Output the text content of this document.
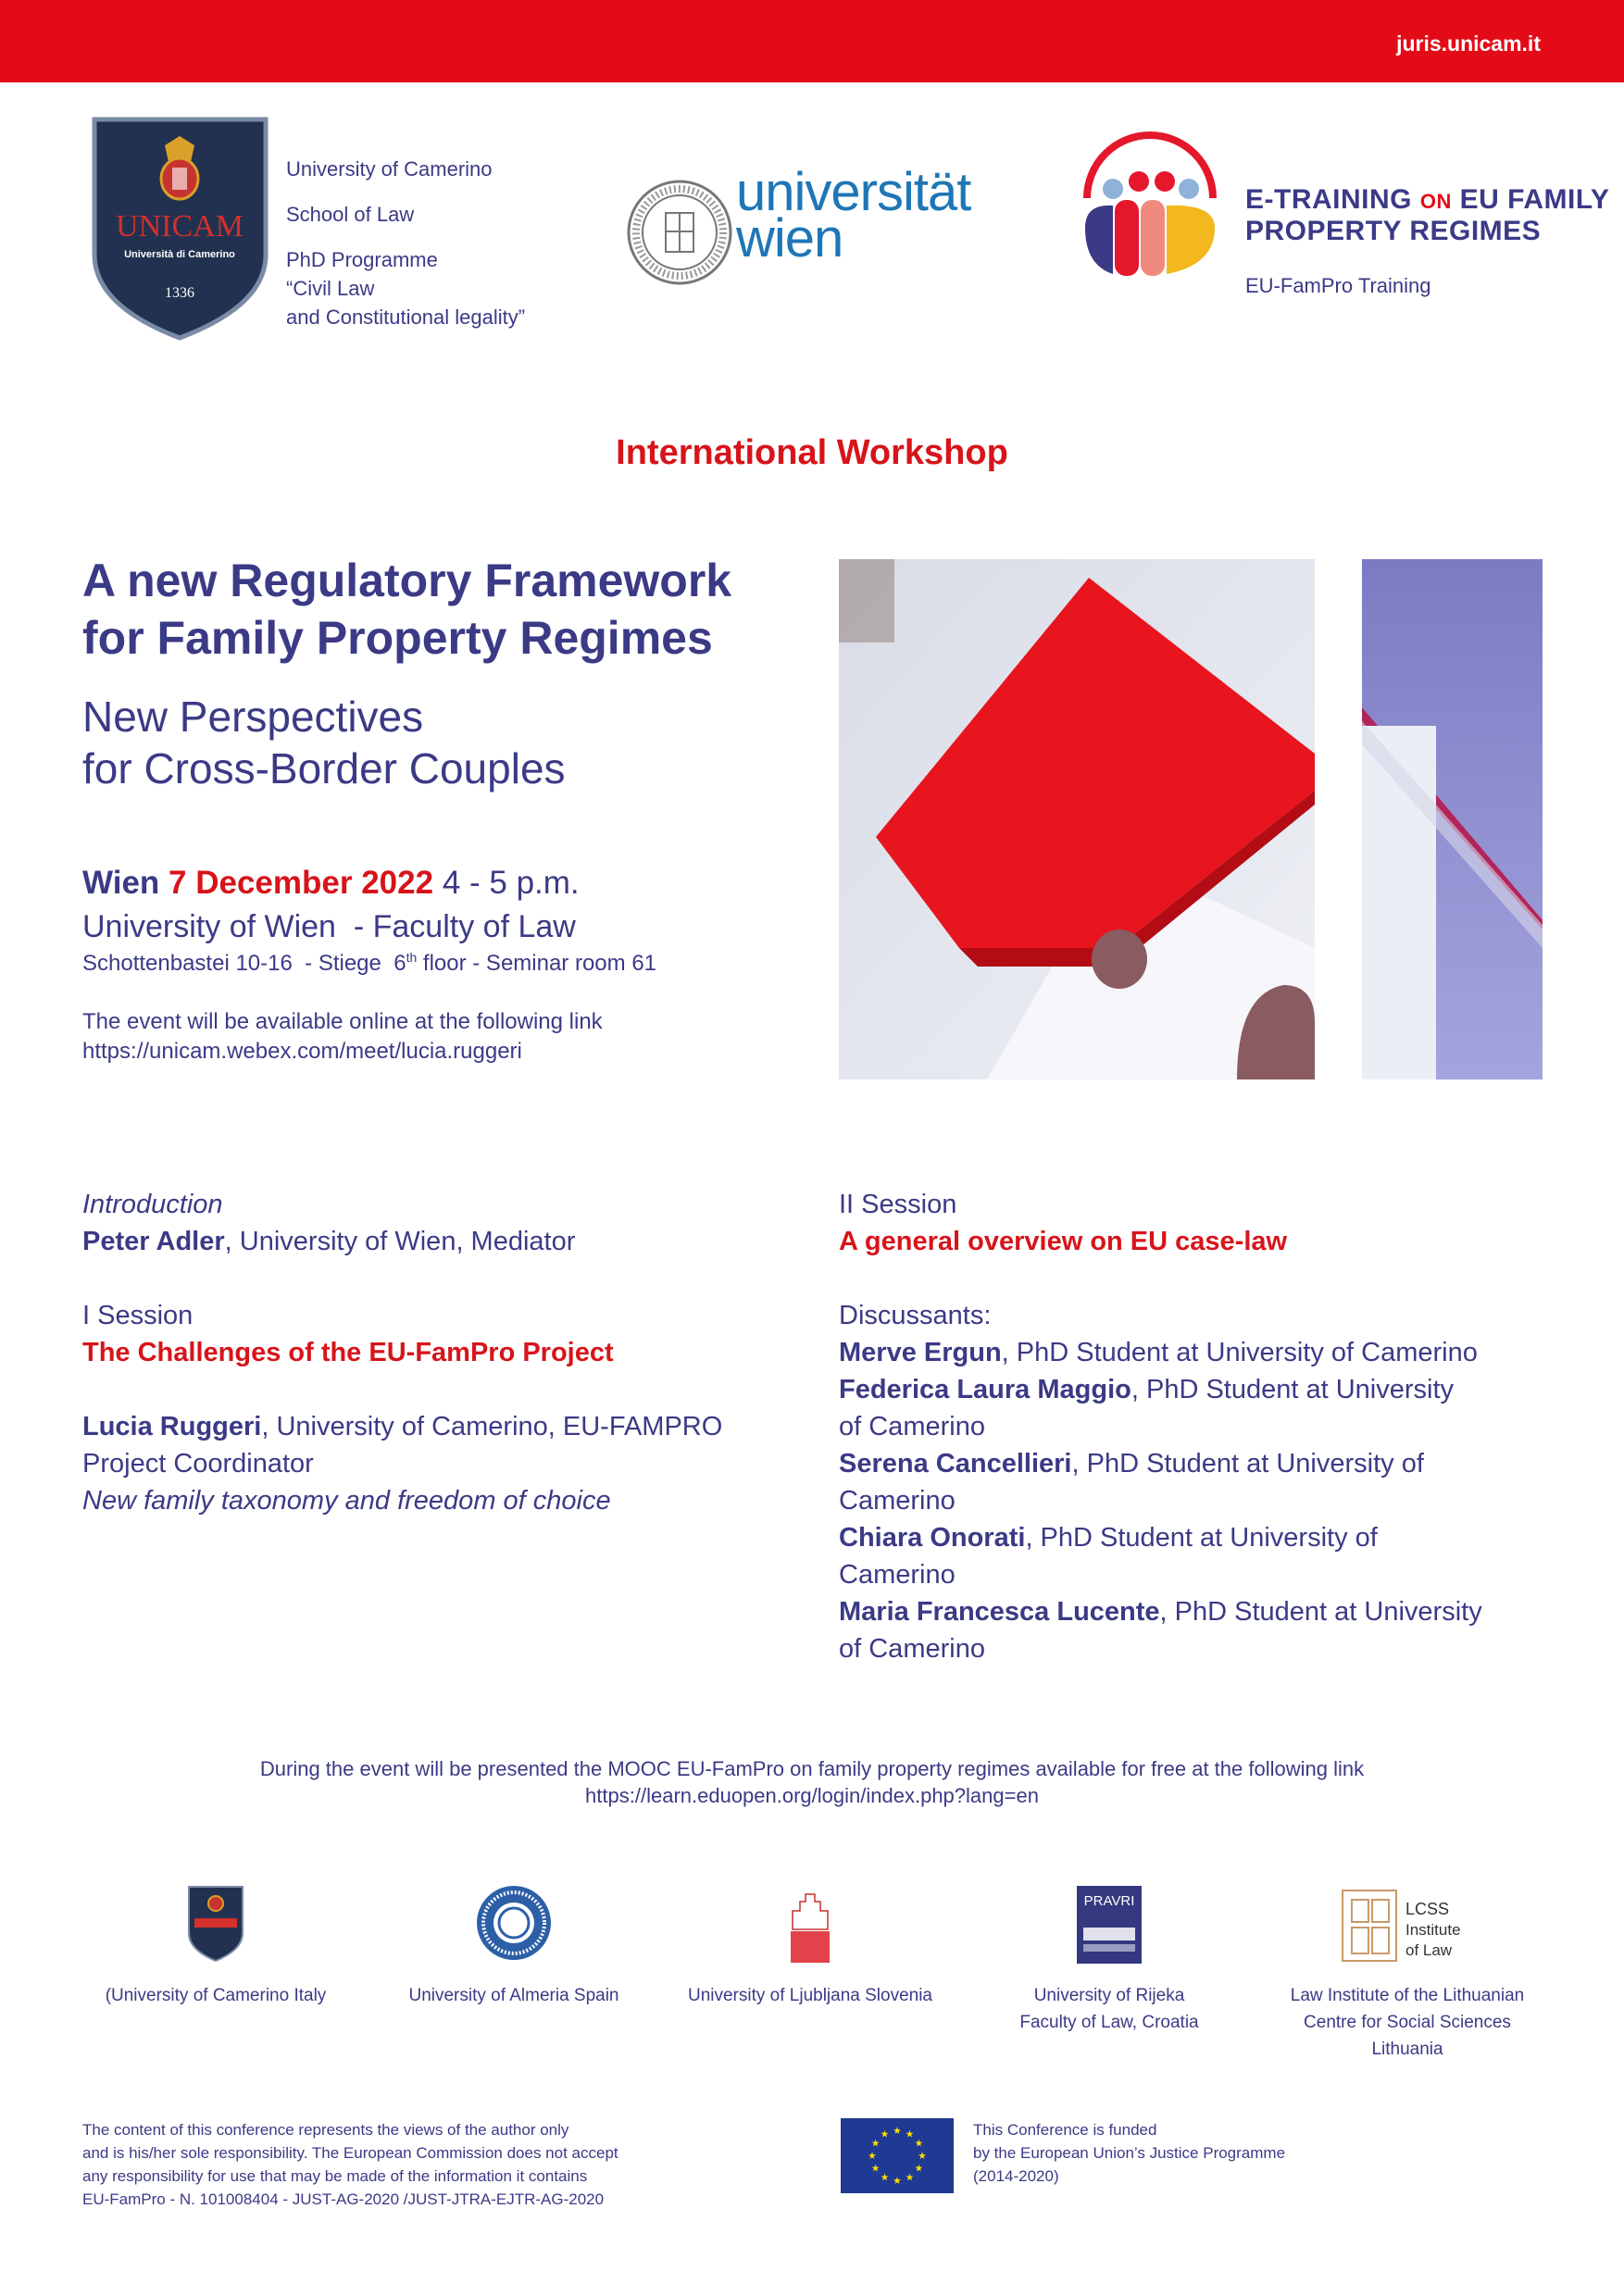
juris.unicam.it
UNICAM
Università di Camerino
1336
University of Camerino
School of Law
PhD Programme
“Civil Law
and Constitutional legality”
universität
wien
E-TRAINING ON EU FAMILY
PROPERTY REGIMES
EU-FamPro Training
International Workshop
A new Regulatory Framework
for Family Property Regimes
New Perspectives
for Cross-Border Couples
Wien 7 December 2022 4 - 5 p.m.
University of Wien  - Faculty of Law
Schottenbastei 10-16  - Stiege  6th floor - Seminar room 61
The event will be available online at the following link
https://unicam.webex.com/meet/lucia.ruggeri
Introduction
Peter Adler, University of Wien, Mediator
I Session
The Challenges of the EU-FamPro Project
Lucia Ruggeri, University of Camerino, EU-FAMPRO
Project Coordinator
New family taxonomy and freedom of choice
II Session
A general overview on EU case-law
Discussants:
Merve Ergun, PhD Student at University of Camerino
Federica Laura Maggio, PhD Student at University
of Camerino
Serena Cancellieri, PhD Student at University of
Camerino
Chiara Onorati, PhD Student at University of
Camerino
Maria Francesca Lucente, PhD Student at University
of Camerino
During the event will be presented the MOOC EU-FamPro on family property regimes available for free at the following link
https://learn.eduopen.org/login/index.php?lang=en
PRAVRI	LCSS
Institute
of Law
(University of Camerino Italy	University of Almeria Spain	University of Ljubljana Slovenia	University of Rijeka
Faculty of Law, Croatia
Law Institute of the Lithuanian
Centre for Social Sciences
Lithuania
The content of this conference represents the views of the author only
and is his/her sole responsibility. The European Commission does not accept
any responsibility for use that may be made of the information it contains
EU-FamPro - N. 101008404 - JUST-AG-2020 /JUST-JTRA-EJTR-AG-2020
This Conference is funded
by the European Union’s Justice Programme
(2014-2020)
